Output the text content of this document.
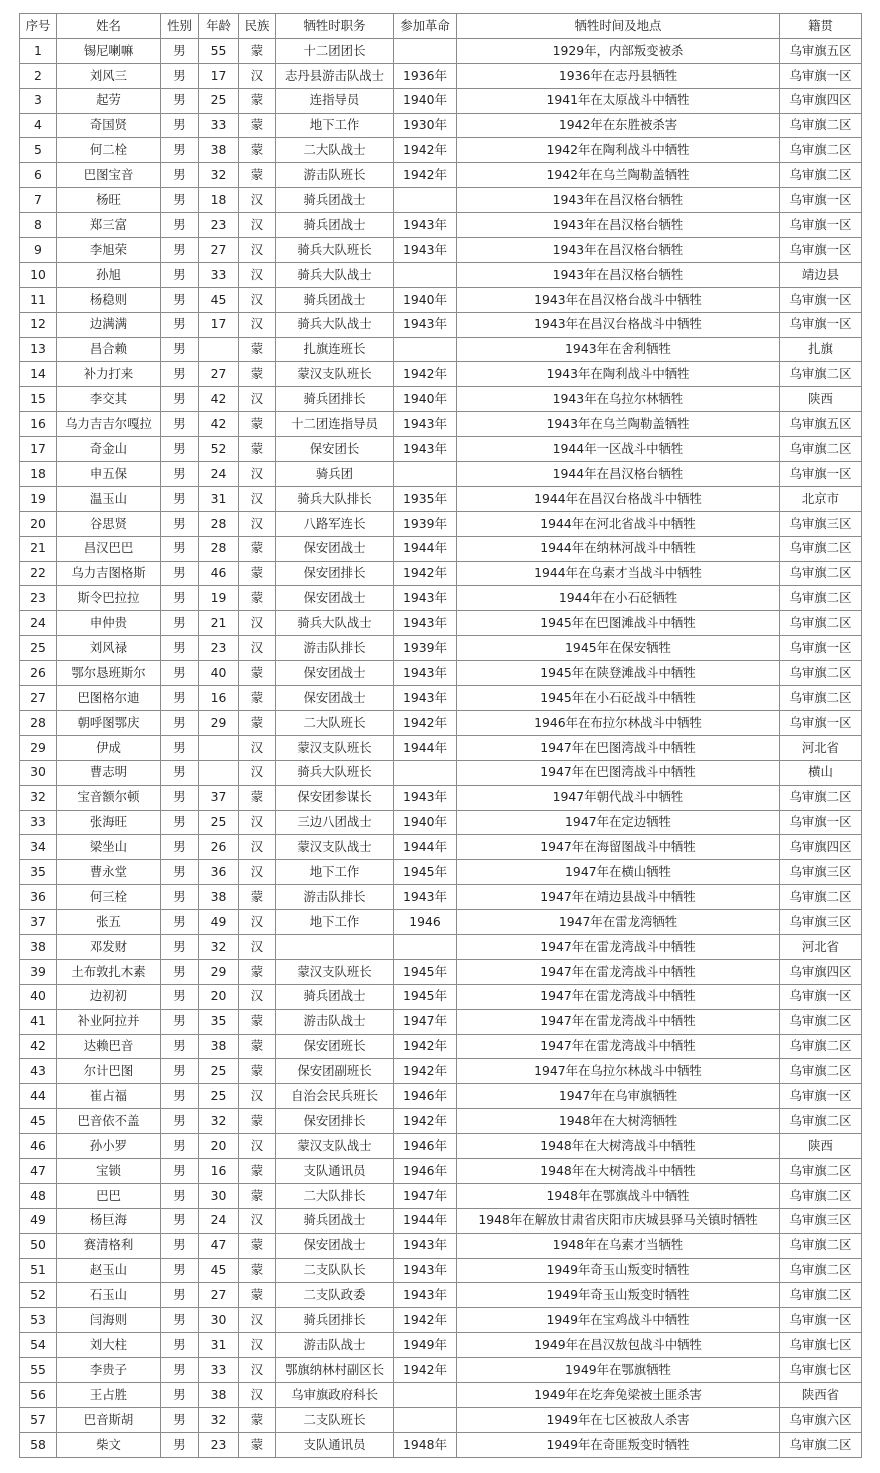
序号	姓名	性别	年龄	民族	牺牲时职务	参加革命	牺牲时间及地点	籍贯
1	锡尼喇嘛	男	55	蒙	十二团团长		1929年，内部叛变被杀	乌审旗五区
2	刘风三	男	17	汉	志丹县游击队战士	1936年	1936年在志丹县牺牲	乌审旗一区
3	起劳	男	25	蒙	连指导员	1940年	1941年在太原战斗中牺牲	乌审旗四区
4	奇国贤	男	33	蒙	地下工作	1930年	1942年在东胜被杀害	乌审旗二区
5	何二栓	男	38	蒙	二大队战士	1942年	1942年在陶利战斗中牺牲	乌审旗二区
6	巴图宝音	男	32	蒙	游击队班长	1942年	1942年在乌兰陶勒盖牺牲	乌审旗二区
7	杨旺	男	18	汉	骑兵团战士		1943年在昌汉格台牺牲	乌审旗一区
8	郑三富	男	23	汉	骑兵团战士	1943年	1943年在昌汉格台牺牲	乌审旗一区
9	李旭荣	男	27	汉	骑兵大队班长	1943年	1943年在昌汉格台牺牲	乌审旗一区
10	孙旭	男	33	汉	骑兵大队战士		1943年在昌汉格台牺牲	靖边县
11	杨稳则	男	45	汉	骑兵团战士	1940年	1943年在昌汉格台战斗中牺牲	乌审旗一区
12	边满满	男	17	汉	骑兵大队战士	1943年	1943年在昌汉台格战斗中牺牲	乌审旗一区
13	昌合赖	男		蒙	扎旗连班长		1943年在舍利牺牲	扎旗
14	补力打来	男	27	蒙	蒙汉支队班长	1942年	1943年在陶利战斗中牺牲	乌审旗二区
15	李交其	男	42	汉	骑兵团排长	1940年	1943年在乌拉尔林牺牲	陕西
16	乌力吉吉尔嘎拉	男	42	蒙	十二团连指导员	1943年	1943年在乌兰陶勒盖牺牲	乌审旗五区
17	奇金山	男	52	蒙	保安团长	1943年	1944年一区战斗中牺牲	乌审旗二区
18	申五保	男	24	汉	骑兵团		1944年在昌汉格台牺牲	乌审旗一区
19	温玉山	男	31	汉	骑兵大队排长	1935年	1944年在昌汉台格战斗中牺牲	北京市
20	谷思贤	男	28	汉	八路军连长	1939年	1944年在河北省战斗中牺牲	乌审旗三区
21	昌汉巴巴	男	28	蒙	保安团战士	1944年	1944年在纳林河战斗中牺牲	乌审旗二区
22	乌力吉图格斯	男	46	蒙	保安团排长	1942年	1944年在乌素才当战斗中牺牲	乌审旗二区
23	斯令巴拉拉	男	19	蒙	保安团战士	1943年	1944年在小石砭牺牲	乌审旗二区
24	申仲贵	男	21	汉	骑兵大队战士	1943年	1945年在巴图滩战斗中牺牲	乌审旗二区
25	刘风禄	男	23	汉	游击队排长	1939年	1945年在保安牺牲	乌审旗一区
26	鄂尔恳班斯尔	男	40	蒙	保安团战士	1943年	1945年在陕登滩战斗中牺牲	乌审旗二区
27	巴图格尔迪	男	16	蒙	保安团战士	1943年	1945年在小石砭战斗中牺牲	乌审旗二区
28	朝呼图鄂庆	男	29	蒙	二大队班长	1942年	1946年在布拉尔林战斗中牺牲	乌审旗一区
29	伊成	男		汉	蒙汉支队班长	1944年	1947年在巴图湾战斗中牺牲	河北省
30	曹志明	男		汉	骑兵大队班长		1947年在巴图湾战斗中牺牲	横山
32	宝音额尔顿	男	37	蒙	保安团参谋长	1943年	1947年朝代战斗中牺牲	乌审旗二区
33	张海旺	男	25	汉	三边八团战士	1940年	1947年在定边牺牲	乌审旗一区
34	梁坐山	男	26	汉	蒙汉支队战士	1944年	1947年在海留图战斗中牺牲	乌审旗四区
35	曹永堂	男	36	汉	地下工作	1945年	1947年在横山牺牲	乌审旗三区
36	何三栓	男	38	蒙	游击队排长	1943年	1947年在靖边县战斗中牺牲	乌审旗二区
37	张五	男	49	汉	地下工作	1946	1947年在雷龙湾牺牲	乌审旗三区
38	邓发财	男	32	汉			1947年在雷龙湾战斗中牺牲	河北省
39	土布敦扎木素	男	29	蒙	蒙汉支队班长	1945年	1947年在雷龙湾战斗中牺牲	乌审旗四区
40	边初初	男	20	汉	骑兵团战士	1945年	1947年在雷龙湾战斗中牺牲	乌审旗一区
41	补业阿拉并	男	35	蒙	游击队战士	1947年	1947年在雷龙湾战斗中牺牲	乌审旗二区
42	达赖巴音	男	38	蒙	保安团班长	1942年	1947年在雷龙湾战斗中牺牲	乌审旗二区
43	尔计巴图	男	25	蒙	保安团副班长	1942年	1947年在乌拉尔林战斗中牺牲	乌审旗二区
44	崔占福	男	25	汉	自治会民兵班长	1946年	1947年在乌审旗牺牲	乌审旗一区
45	巴音依不盖	男	32	蒙	保安团排长	1942年	1948年在大树湾牺牲	乌审旗二区
46	孙小罗	男	20	汉	蒙汉支队战士	1946年	1948年在大树湾战斗中牺牲	陕西
47	宝锁	男	16	蒙	支队通讯员	1946年	1948年在大树湾战斗中牺牲	乌审旗二区
48	巴巴	男	30	蒙	二大队排长	1947年	1948年在鄂旗战斗中牺牲	乌审旗二区
49	杨巨海	男	24	汉	骑兵团战士	1944年	1948年在解放甘肃省庆阳市庆城县驿马关镇时牺牲	乌审旗三区
50	赛清格利	男	47	蒙	保安团战士	1943年	1948年在乌素才当牺牲	乌审旗二区
51	赵玉山	男	45	蒙	二支队队长	1943年	1949年奇玉山叛变时牺牲	乌审旗二区
52	石玉山	男	27	蒙	二支队政委	1943年	1949年奇玉山叛变时牺牲	乌审旗二区
53	闫海则	男	30	汉	骑兵团排长	1942年	1949年在宝鸡战斗中牺牲	乌审旗一区
54	刘大柱	男	31	汉	游击队战士	1949年	1949年在昌汉敖包战斗中牺牲	乌审旗七区
55	李贵子	男	33	汉	鄂旗纳林村副区长	1942年	1949年在鄂旗牺牲	乌审旗七区
56	王占胜	男	38	汉	乌审旗政府科长		1949年在圪奔兔梁被土匪杀害	陕西省
57	巴音斯胡	男	32	蒙	二支队班长		1949年在七区被敌人杀害	乌审旗六区
58	柴文	男	23	蒙	支队通讯员	1948年	1949年在奇匪叛变时牺牲	乌审旗二区
